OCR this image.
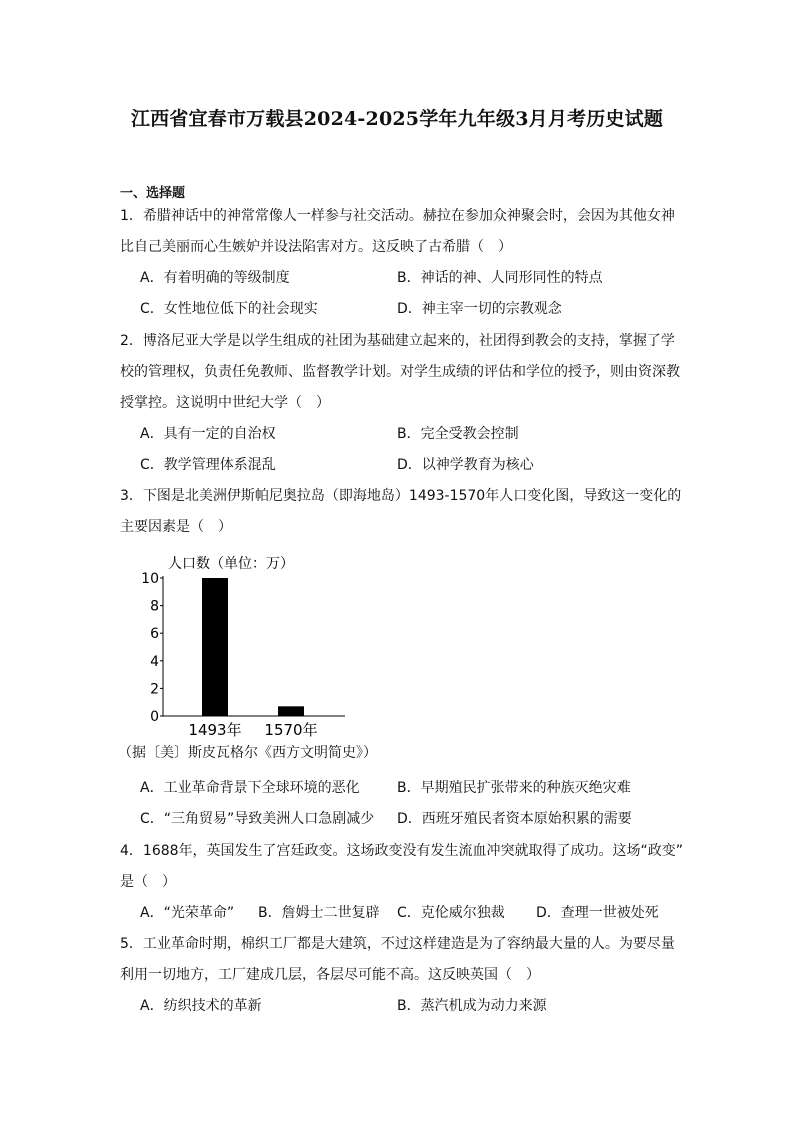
江西省宜春市万载县2024-2025学年九年级3月月考历史试题
一、选择题
1．希腊神话中的神常常像人一样参与社交活动。赫拉在参加众神聚会时，会因为其他女神
比自己美丽而心生嫉妒并设法陷害对方。这反映了古希腊（　）
A．有着明确的等级制度	B．神话的神、人同形同性的特点
C．女性地位低下的社会现实	D．神主宰一切的宗教观念
2．博洛尼亚大学是以学生组成的社团为基础建立起来的，社团得到教会的支持，掌握了学
校的管理权，负责任免教师、监督教学计划。对学生成绩的评估和学位的授予，则由资深教
授掌控。这说明中世纪大学（　）
A．具有一定的自治权	B．完全受教会控制
C．教学管理体系混乱	D．以神学教育为核心
3．下图是北美洲伊斯帕尼奥拉岛（即海地岛）1493-1570年人口变化图，导致这一变化的
主要因素是（　）
人口数（单位：万）
0
2
4
6
8
10
1493年 1570年
（据〔美〕斯皮瓦格尔《西方文明简史》）
A．工业革命背景下全球环境的恶化	B．早期殖民扩张带来的种族灭绝灾难
C．“三角贸易”导致美洲人口急剧减少 D．西班牙殖民者资本原始积累的需要
4．1688年，英国发生了宫廷政变。这场政变没有发生流血冲突就取得了成功。这场“政变”
是（　）
A．“光荣革命” B．詹姆士二世复辟 C．克伦威尔独裁 D．查理一世被处死
5．工业革命时期，棉织工厂都是大建筑，不过这样建造是为了容纳最大量的人。为要尽量
利用一切地方，工厂建成几层，各层尽可能不高。这反映英国（　）
A．纺织技术的革新	B．蒸汽机成为动力来源
